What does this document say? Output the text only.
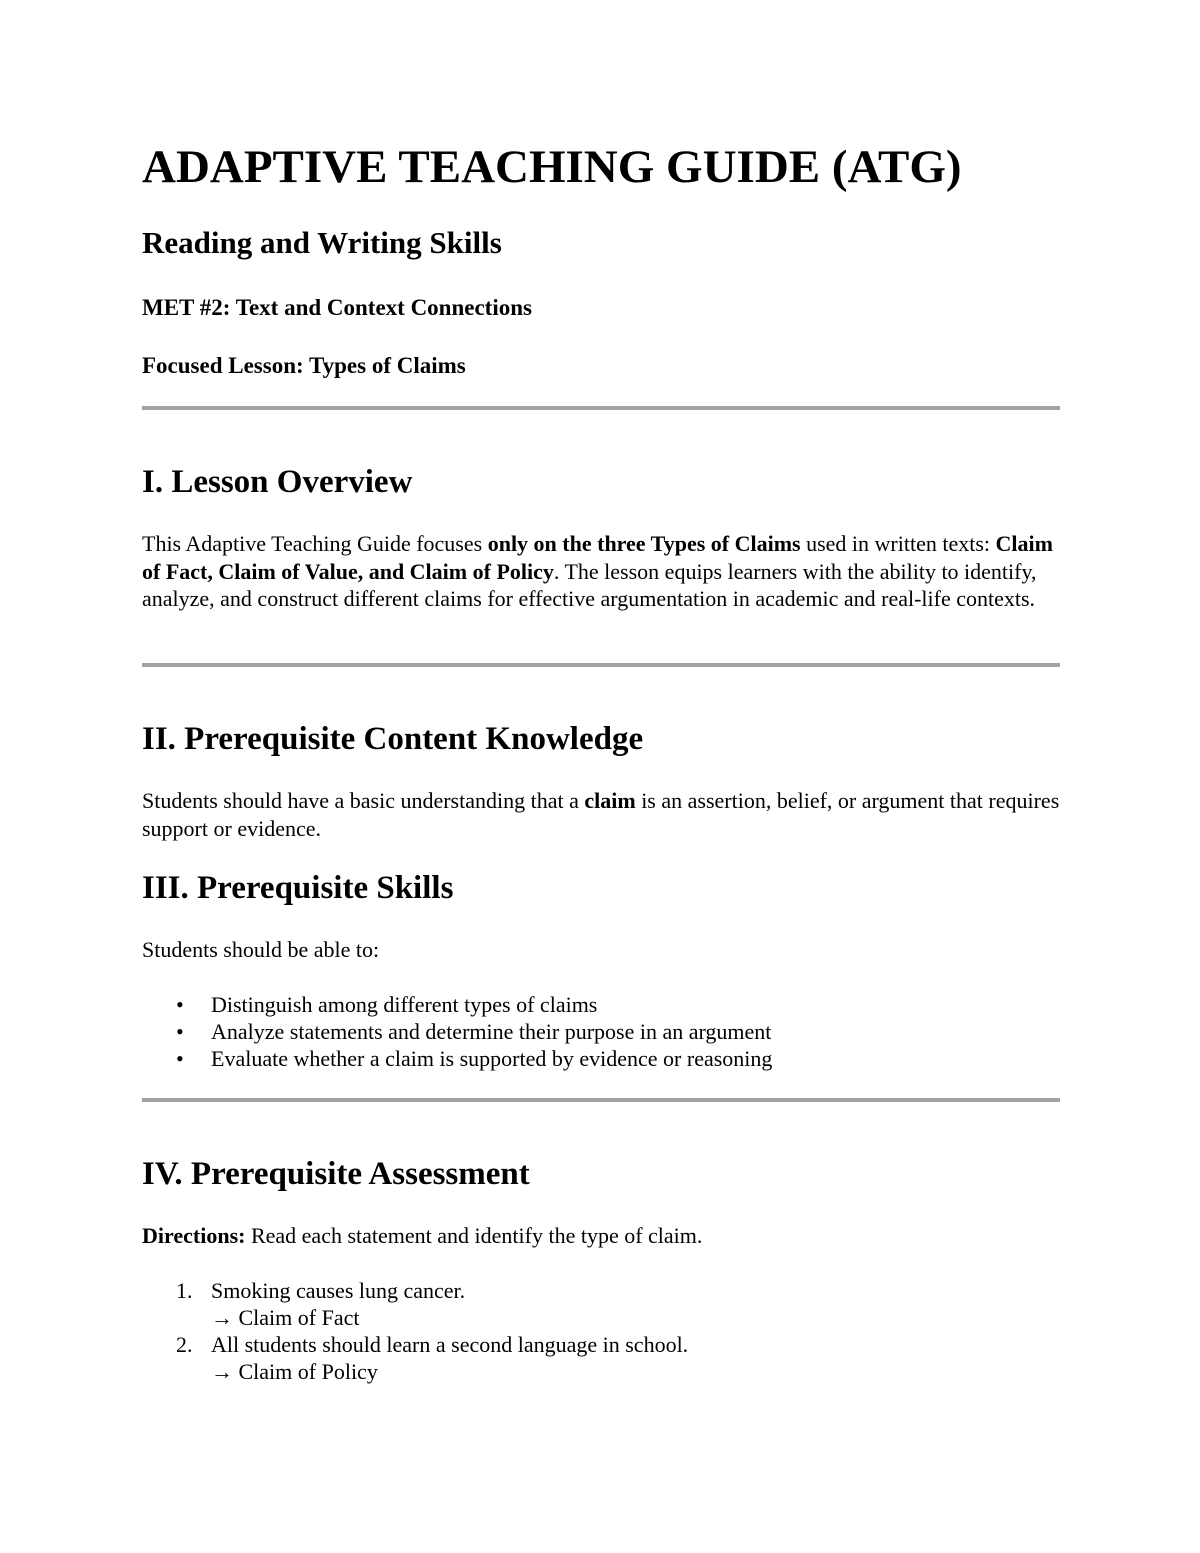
ADAPTIVE TEACHING GUIDE (ATG)
Reading and Writing Skills
MET #2: Text and Context Connections
Focused Lesson: Types of Claims
I. Lesson Overview

This Adaptive Teaching Guide focuses only on the three Types of Claims used in written texts: Claim of Fact, Claim of Value, and Claim of Policy. The lesson equips learners with the ability to identify, analyze, and construct different claims for effective argumentation in academic and real-life contexts.

II. Prerequisite Content Knowledge

Students should have a basic understanding that a claim is an assertion, belief, or argument that requires support or evidence.

III. Prerequisite Skills

Students should be able to:

• Distinguish among different types of claims
• Analyze statements and determine their purpose in an argument
• Evaluate whether a claim is supported by evidence or reasoning
IV. Prerequisite Assessment

Directions: Read each statement and identify the type of claim.

1. Smoking causes lung cancer.
→ Claim of Fact
2. All students should learn a second language in school.
→ Claim of Policy
